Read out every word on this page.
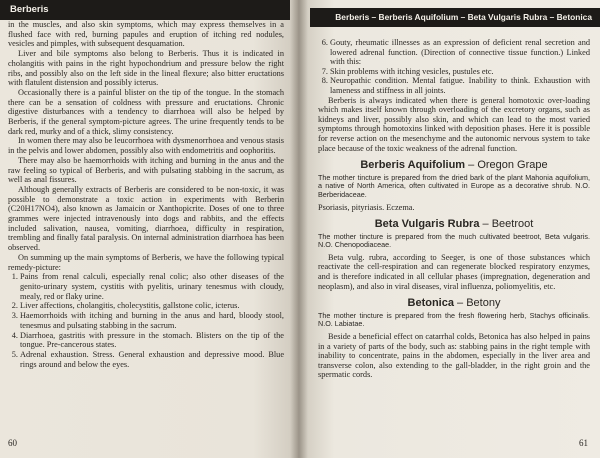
Berberis

in the muscles, and also skin symptoms, which may express themselves in a flushed face with red, burning papules and eruption of itching red nodules, vesicles and pimples, with subsequent desquamation.

Liver and bile symptoms also belong to Berberis. Thus it is indicated in cholangitis with pains in the right hypochondrium and pressure below the right ribs, and possibly also on the left side in the lineal flexure; also bitter eructations with flatulent distension and possibly icterus.

Occasionally there is a painful blister on the tip of the tongue. In the stomach there can be a sensation of coldness with pressure and eructations. Chronic digestive disturbances with a tendency to diarrhoea will also be helped by Berberis, if the general symptom-picture agrees. The urine frequently tends to be dark red, murky and of a thick, slimy consistency.

In women there may also be leucorrhoea with dysmenorrhoea and venous stasis in the pelvis and lower abdomen, possibly also with endometritis and oophoritis.

There may also be haemorrhoids with itching and burning in the anus and the raw feeling so typical of Berberis, and with pulsating stabbing in the sacrum, as well as anal fissures.

Although generally extracts of Berberis are considered to be non-toxic, it was possible to demonstrate a toxic action in experiments with Berberin (C20H17NO4), also known as Jamaicin or Xanthopicrite. Doses of one to three grammes were injected intravenously into dogs and rabbits, and the effects included salivation, nausea, vomiting, diarrhoea, difficulty in respiration, trembling and finally fatal paralysis. On internal administration diarrhoea has been observed.

On summing up the main symptoms of Berberis, we have the following typical remedy-picture:

1. Pains from renal calculi, especially renal colic; also other diseases of the genito-urinary system, cystitis with pyelitis, urinary tenesmus with cloudy, mealy, red or flaky urine.
2. Liver affections, cholangitis, cholecystitis, gallstone colic, icterus.
3. Haemorrhoids with itching and burning in the anus and hard, bloody stool, tenesmus and pulsating stabbing in the sacrum.
4. Diarrhoea, gastritis with pressure in the stomach. Blisters on the tip of the tongue. Pre-cancerous states.
5. Adrenal exhaustion. Stress. General exhaustion and depressive mood. Blue rings around and below the eyes.
60
Berberis – Berberis Aquifolium – Beta Vulgaris Rubra – Betonica
6. Gouty, rheumatic illnesses as an expression of deficient renal secretion and lowered adrenal function. (Direction of connective tissue function.) Linked with this:
7. Skin problems with itching vesicles, pustules etc.
8. Neuropathic condition. Mental fatigue. Inability to think. Exhaustion with lameness and stiffness in all joints.

Berberis is always indicated when there is general homotoxic over-loading which makes itself known through overloading of the excretory organs, such as kidneys and liver, possibly also skin, and which can lead to the most varied symptoms through homotoxins linked with deposition phases. Here it is possible for reverse action on the mesenchyme and the autonomic nervous system to take place because of the toxic weakness of the adrenal function.

Berberis Aquifolium – Oregon Grape

The mother tincture is prepared from the dried bark of the plant Mahonia aquifolium, a native of North America, often cultivated in Europe as a decorative shrub. N.O. Berberidaceae.

Psoriasis, pityriasis. Eczema.

Beta Vulgaris Rubra – Beetroot

The mother tincture is prepared from the much cultivated beetroot, Beta vulgaris. N.O. Chenopodiaceae.

Beta vulg. rubra, according to Seeger, is one of those substances which reactivate the cell-respiration and can regenerate blocked respiratory enzymes, and is therefore indicated in all cellular phases (impregnation, degeneration and neoplasm), and also in viral diseases, viral influenza, poliomyelitis, etc.

Betonica – Betony

The mother tincture is prepared from the fresh flowering herb, Stachys officinalis. N.O. Labiatae.

Beside a beneficial effect on catarrhal colds, Betonica has also helped in pains in a variety of parts of the body, such as: stabbing pains in the right temple with inability to concentrate, pains in the abdomen, especially in the liver area and transverse colon, also extending to the gall-bladder, in the right groin and the spermatic cords.

61
